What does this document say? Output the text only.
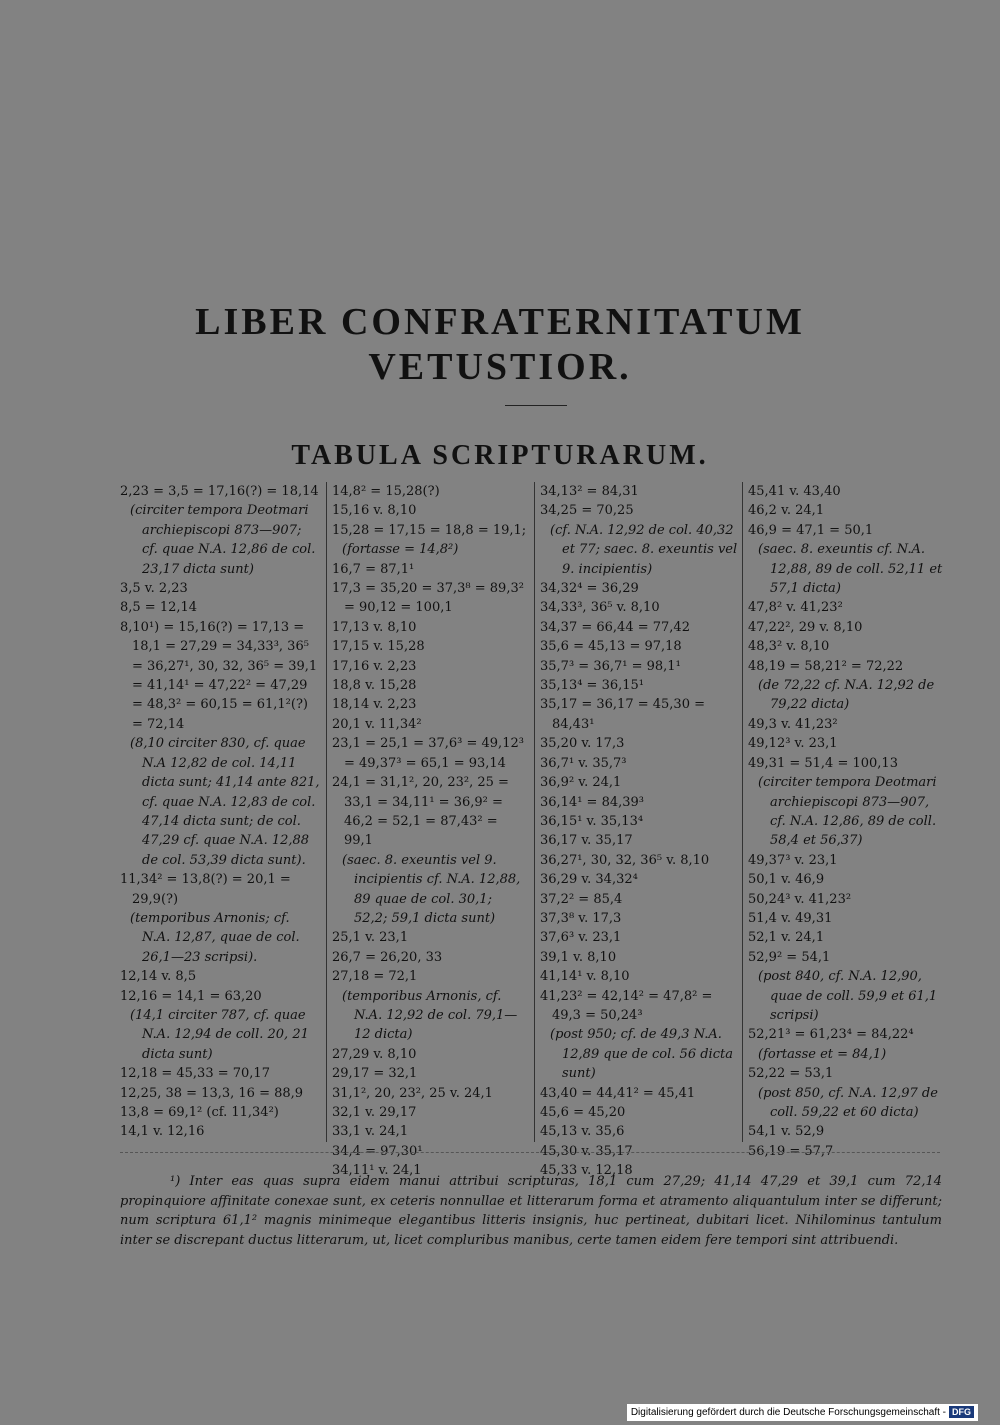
LIBER CONFRATERNITATUM
VETUSTIOR.
TABULA SCRIPTURARUM.
2,23 = 3,5 = 17,16(?) = 18,14
(circiter tempora Deotmari archiepiscopi 873—907; cf. quae N.A. 12,86 de col. 23,17 dicta sunt)
3,5 v. 2,23
8,5 = 12,14
8,10¹) = 15,16(?) = 17,13 = 18,1 = 27,29 = 34,33³, 36⁵ = 36,27¹, 30, 32, 36⁵ = 39,1 = 41,14¹ = 47,22² = 47,29 = 48,3² = 60,15 = 61,1²(?) = 72,14
(8,10 circiter 830, cf. quae N.A 12,82 de col. 14,11 dicta sunt; 41,14 ante 821, cf. quae N.A. 12,83 de col. 47,14 dicta sunt; de col. 47,29 cf. quae N.A. 12,88 de col. 53,39 dicta sunt).
11,34² = 13,8(?) = 20,1 = 29,9(?)
(temporibus Arnonis; cf. N.A. 12,87, quae de col. 26,1—23 scripsi).
12,14 v. 8,5
12,16 = 14,1 = 63,20
(14,1 circiter 787, cf. quae N.A. 12,94 de coll. 20, 21 dicta sunt)
12,18 = 45,33 = 70,17
12,25, 38 = 13,3, 16 = 88,9
13,8 = 69,1² (cf. 11,34²)
14,1 v. 12,16
14,8² = 15,28(?)
15,16 v. 8,10
15,28 = 17,15 = 18,8 = 19,1;
(fortasse = 14,8²)
16,7 = 87,1¹
17,3 = 35,20 = 37,3⁸ = 89,3² = 90,12 = 100,1
17,13 v. 8,10
17,15 v. 15,28
17,16 v. 2,23
18,8 v. 15,28
18,14 v. 2,23
20,1 v. 11,34²
23,1 = 25,1 = 37,6³ = 49,12³ = 49,37³ = 65,1 = 93,14
24,1 = 31,1², 20, 23², 25 = 33,1 = 34,11¹ = 36,9² = 46,2 = 52,1 = 87,43² = 99,1
(saec. 8. exeuntis vel 9. incipientis cf. N.A. 12,88, 89 quae de col. 30,1; 52,2; 59,1 dicta sunt)
25,1 v. 23,1
26,7 = 26,20, 33
27,18 = 72,1
(temporibus Arnonis, cf. N.A. 12,92 de col. 79,1—12 dicta)
27,29 v. 8,10
29,17 = 32,1
31,1², 20, 23², 25 v. 24,1
32,1 v. 29,17
33,1 v. 24,1
34,4 = 97,30¹
34,11¹ v. 24,1
34,13² = 84,31
34,25 = 70,25
(cf. N.A. 12,92 de col. 40,32 et 77; saec. 8. exeuntis vel 9. incipientis)
34,32⁴ = 36,29
34,33³, 36⁵ v. 8,10
34,37 = 66,44 = 77,42
35,6 = 45,13 = 97,18
35,7³ = 36,7¹ = 98,1¹
35,13⁴ = 36,15¹
35,17 = 36,17 = 45,30 = 84,43¹
35,20 v. 17,3
36,7¹ v. 35,7³
36,9² v. 24,1
36,14¹ = 84,39³
36,15¹ v. 35,13⁴
36,17 v. 35,17
36,27¹, 30, 32, 36⁵ v. 8,10
36,29 v. 34,32⁴
37,2² = 85,4
37,3⁸ v. 17,3
37,6³ v. 23,1
39,1 v. 8,10
41,14¹ v. 8,10
41,23² = 42,14² = 47,8² = 49,3 = 50,24³
(post 950; cf. de 49,3 N.A. 12,89 que de col. 56 dicta sunt)
43,40 = 44,41² = 45,41
45,6 = 45,20
45,13 v. 35,6
45,30 v. 35,17
45,33 v. 12,18
45,41 v. 43,40
46,2 v. 24,1
46,9 = 47,1 = 50,1
(saec. 8. exeuntis cf. N.A. 12,88, 89 de coll. 52,11 et 57,1 dicta)
47,8² v. 41,23²
47,22², 29 v. 8,10
48,3² v. 8,10
48,19 = 58,21² = 72,22
(de 72,22 cf. N.A. 12,92 de 79,22 dicta)
49,3 v. 41,23²
49,12³ v. 23,1
49,31 = 51,4 = 100,13
(circiter tempora Deotmari archiepiscopi 873—907, cf. N.A. 12,86, 89 de coll. 58,4 et 56,37)
49,37³ v. 23,1
50,1 v. 46,9
50,24³ v. 41,23²
51,4 v. 49,31
52,1 v. 24,1
52,9² = 54,1
(post 840, cf. N.A. 12,90, quae de coll. 59,9 et 61,1 scripsi)
52,21³ = 61,23⁴ = 84,22⁴
(fortasse et = 84,1)
52,22 = 53,1
(post 850, cf. N.A. 12,97 de coll. 59,22 et 60 dicta)
54,1 v. 52,9
56,19 = 57,7

¹) Inter eas quas supra eidem manui attribui scripturas, 18,1 cum 27,29; 41,14 47,29 et 39,1 cum 72,14 propinquiore affinitate conexae sunt, ex ceteris nonnullae et litterarum forma et atramento aliquantulum inter se differunt; num scriptura 61,1² magnis minimeque elegantibus litteris insignis, huc pertineat, dubitari licet. Nihilominus tantulum inter se discrepant ductus litterarum, ut, licet compluribus manibus, certe tamen eidem fere tempori sint attribuendi.

Digitalisierung gefördert durch die Deutsche Forschungsgemeinschaft - DFG
